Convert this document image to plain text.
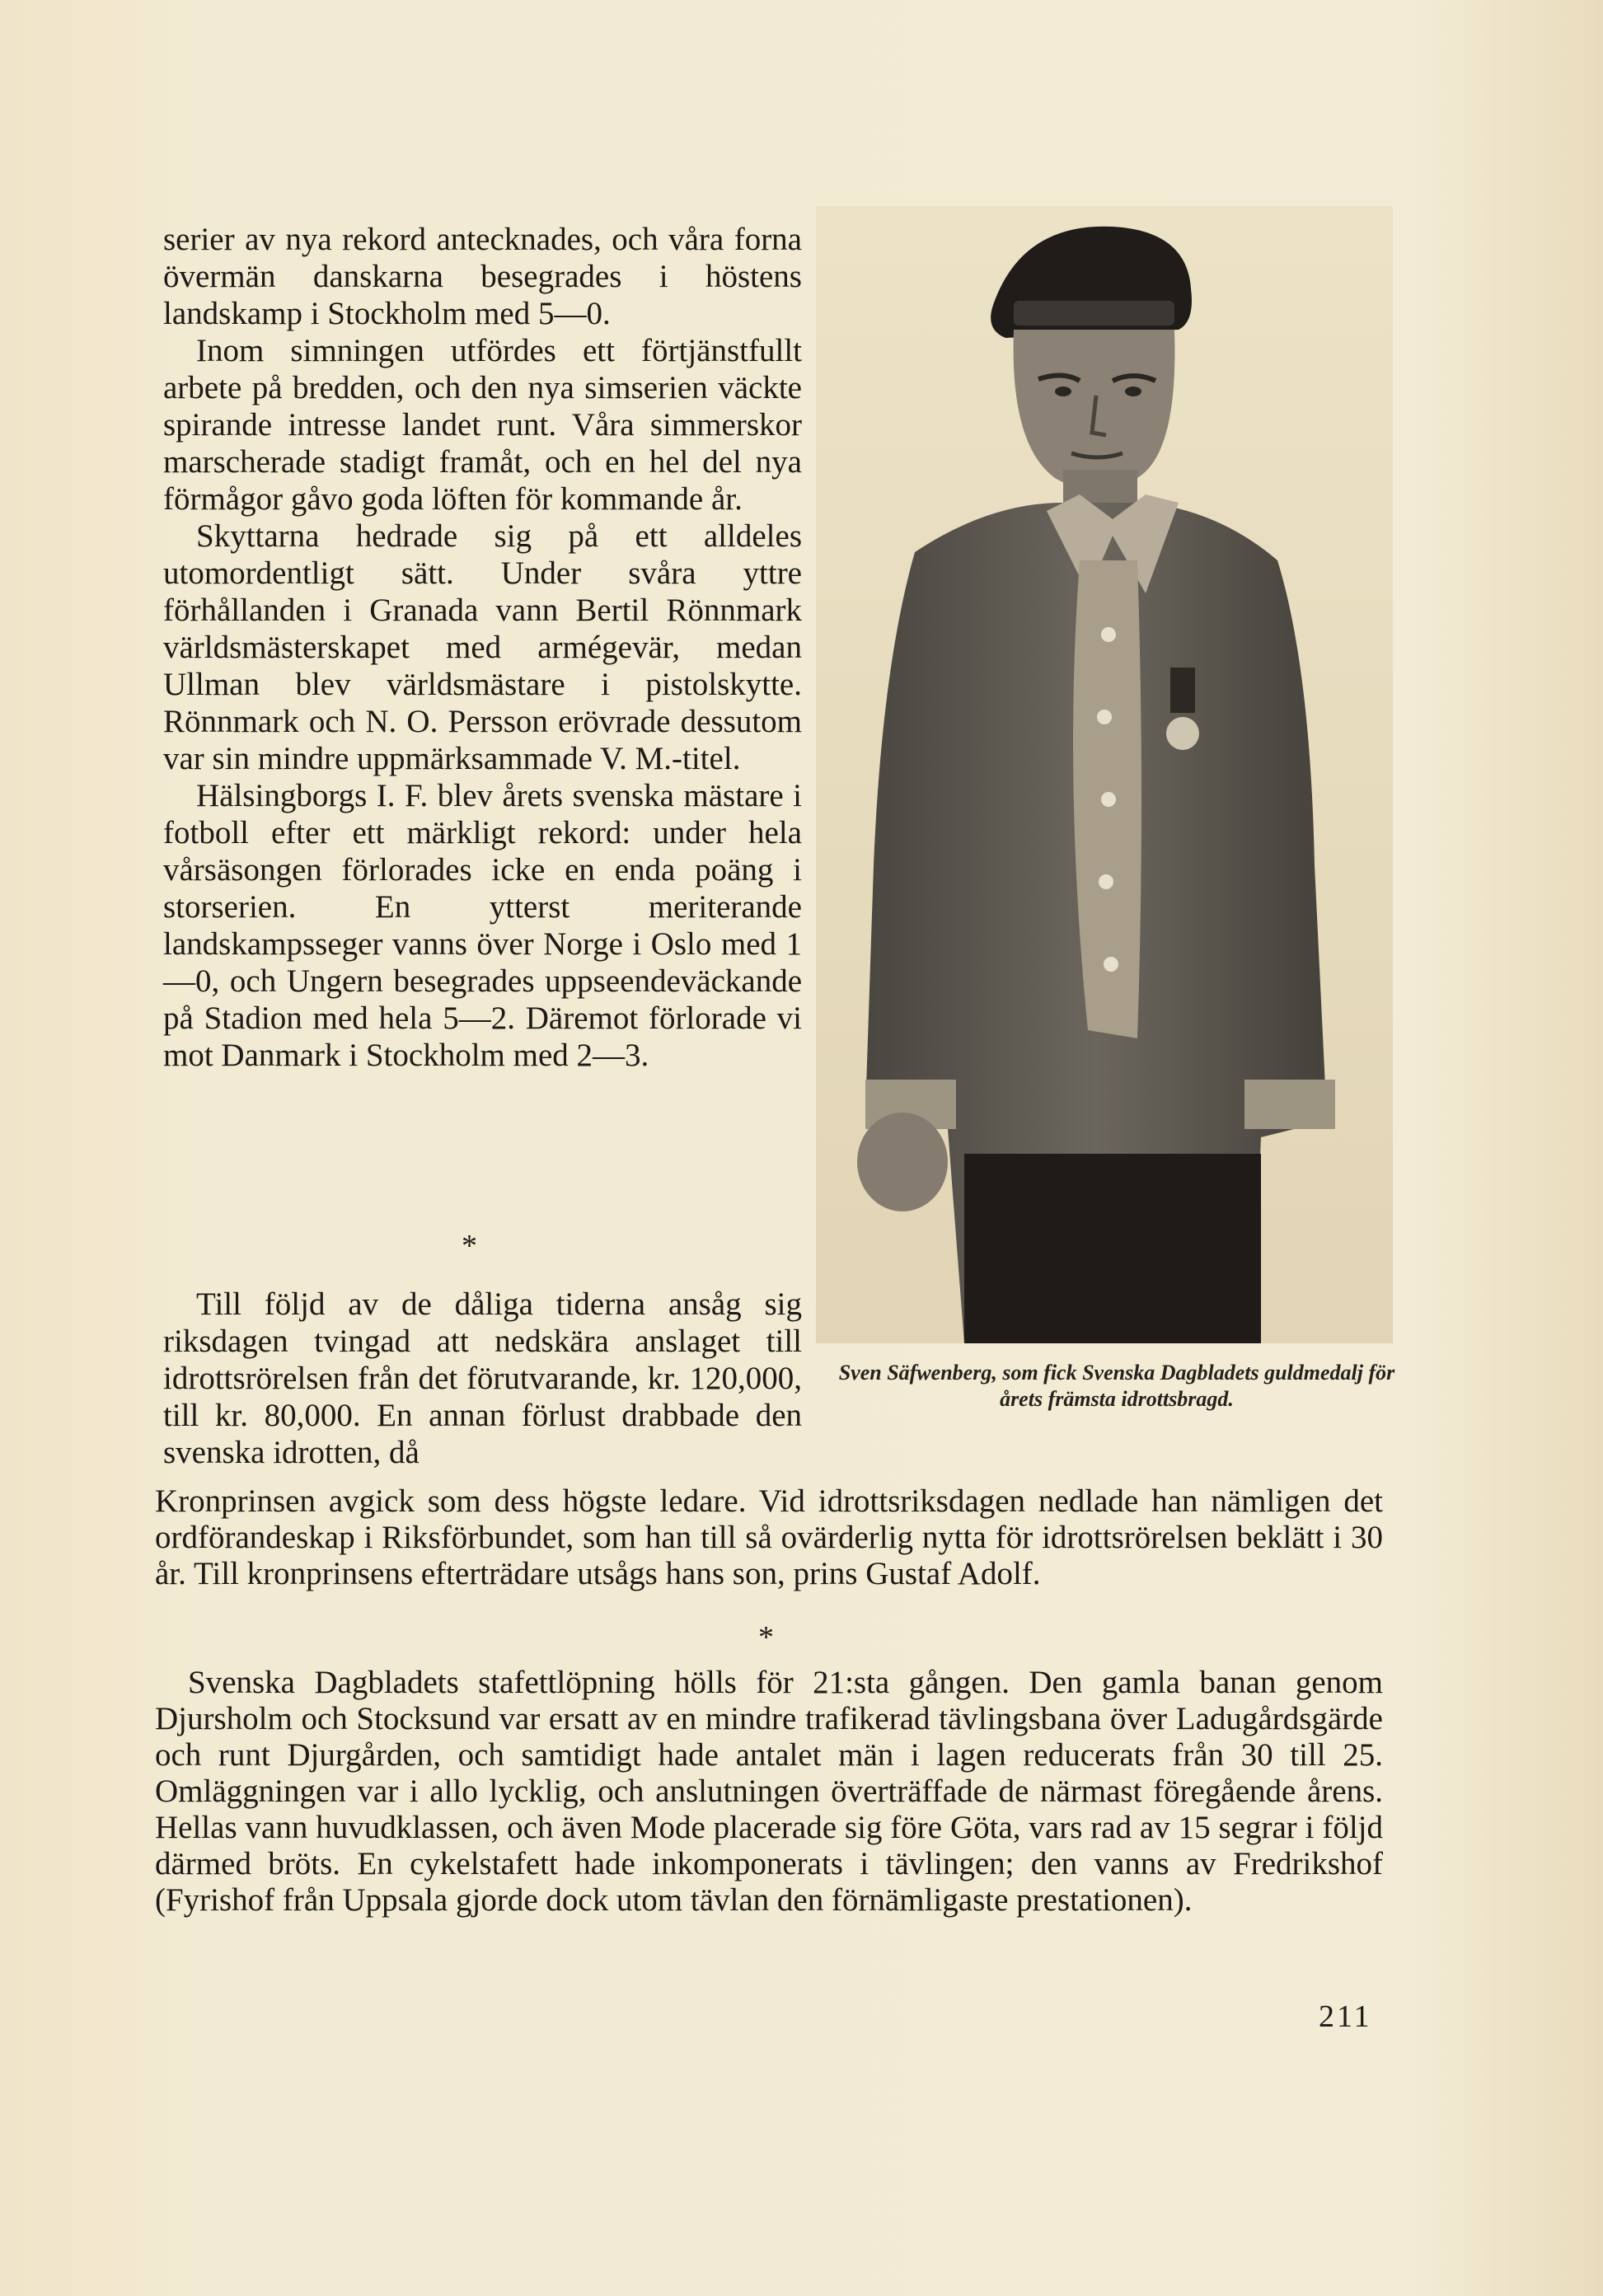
serier av nya rekord antecknades, och våra forna övermän danskarna besegrades i höstens landskamp i Stockholm med 5—0.

Inom simningen utfördes ett förtjänstfullt arbete på bredden, och den nya simserien väckte spirande intresse landet runt. Våra simmerskor marscherade stadigt framåt, och en hel del nya förmågor gåvo goda löften för kommande år.

Skyttarna hedrade sig på ett alldeles utomordentligt sätt. Under svåra yttre förhållanden i Granada vann Bertil Rönnmark världsmästerskapet med armégevär, medan Ullman blev världsmästare i pistolskytte. Rönnmark och N. O. Persson erövrade dessutom var sin mindre uppmärksammade V. M.-titel.

Hälsingborgs I. F. blev årets svenska mästare i fotboll efter ett märkligt rekord: under hela vårsäsongen förlorades icke en enda poäng i storserien. En ytterst meriterande landskampsseger vanns över Norge i Oslo med 1—0, och Ungern besegrades uppseendeväckande på Stadion med hela 5—2. Däremot förlorade vi mot Danmark i Stockholm med 2—3.

*

Till följd av de dåliga tiderna ansåg sig riksdagen tvingad att nedskära anslaget till idrottsrörelsen från det förutvarande, kr. 120,000, till kr. 80,000. En annan förlust drabbade den svenska idrotten, då

Kronprinsen avgick som dess högste ledare. Vid idrottsriksdagen nedlade han nämligen det ordförandeskap i Riksförbundet, som han till så ovärderlig nytta för idrottsrörelsen beklätt i 30 år. Till kronprinsens efterträdare utsågs hans son, prins Gustaf Adolf.

*

Svenska Dagbladets stafettlöpning hölls för 21:sta gången. Den gamla banan genom Djursholm och Stocksund var ersatt av en mindre trafikerad tävlingsbana över Ladugårdsgärde och runt Djurgården, och samtidigt hade antalet män i lagen reducerats från 30 till 25. Omläggningen var i allo lycklig, och anslutningen överträffade de närmast föregående årens. Hellas vann huvudklassen, och även Mode placerade sig före Göta, vars rad av 15 segrar i följd därmed bröts. En cykelstafett hade inkomponerats i tävlingen; den vanns av Fredrikshof (Fyrishof från Uppsala gjorde dock utom tävlan den förnämligaste prestationen).

Sven Säfwenberg, som fick Svenska Dagbladets guldmedalj för årets främsta idrottsbragd.
211
